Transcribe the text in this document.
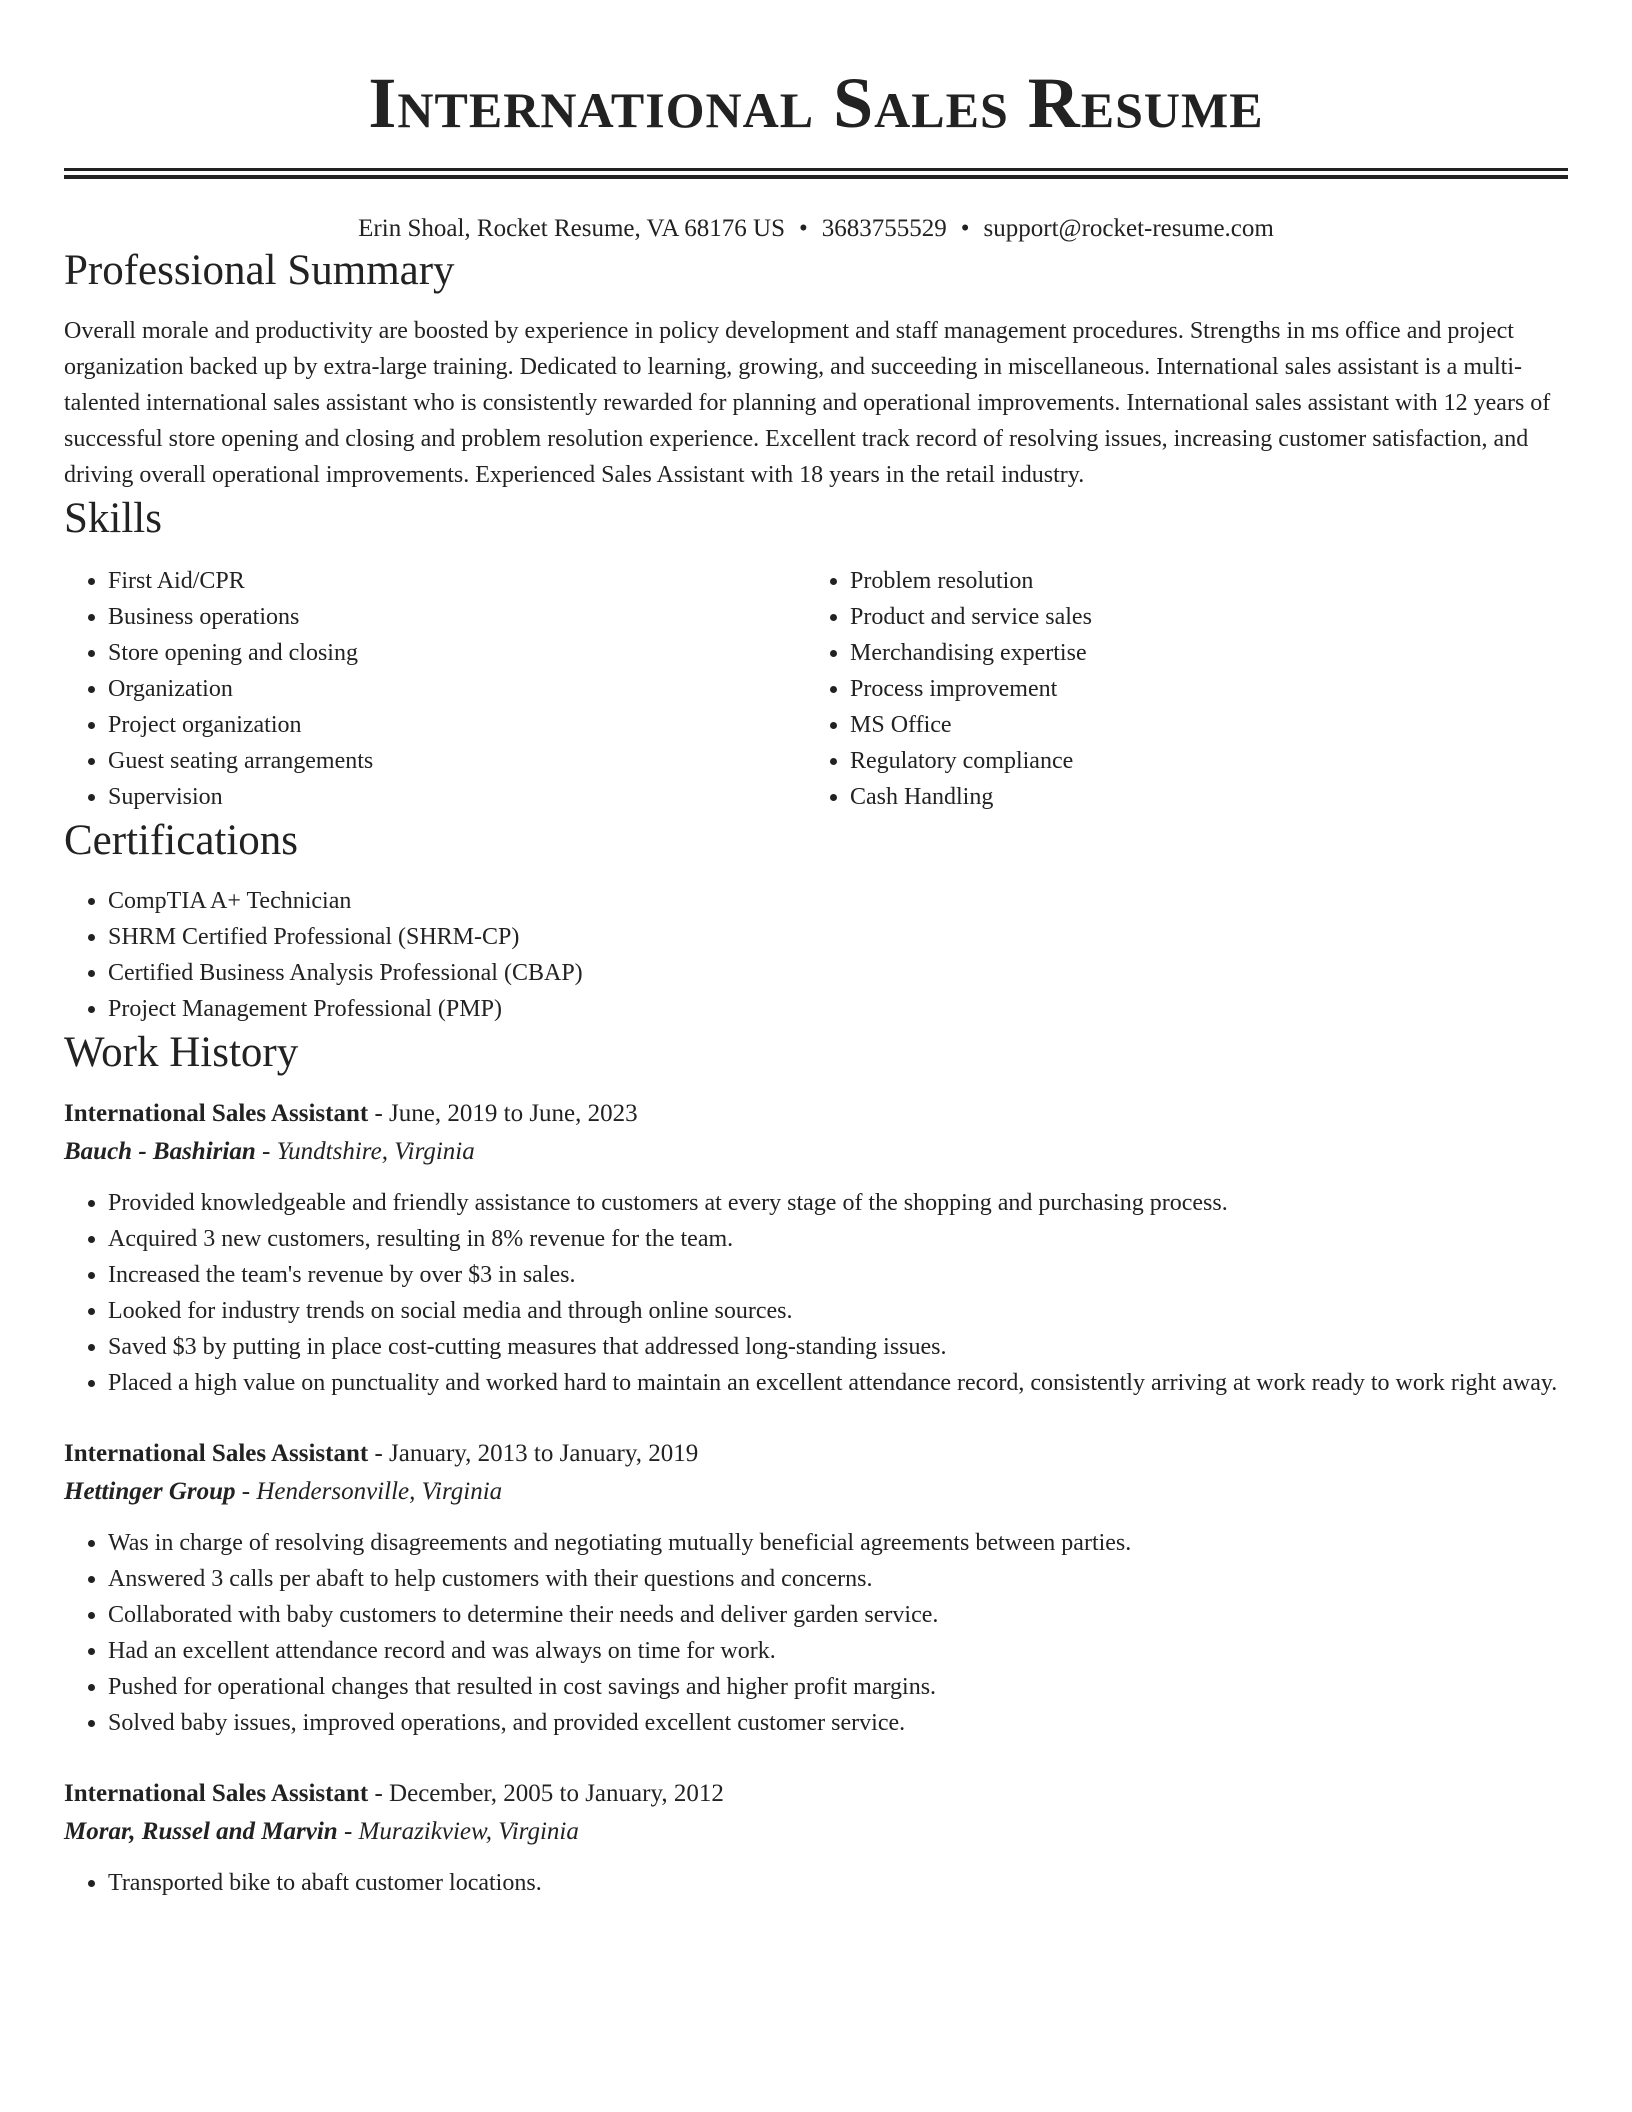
International Sales Resume
Erin Shoal, Rocket Resume, VA 68176 US • 3683755529 • support@rocket-resume.com
Professional Summary

Overall morale and productivity are boosted by experience in policy development and staff management procedures. Strengths in ms office and project organization backed up by extra-large training. Dedicated to learning, growing, and succeeding in miscellaneous. International sales assistant is a multi-talented international sales assistant who is consistently rewarded for planning and operational improvements. International sales assistant with 12 years of successful store opening and closing and problem resolution experience. Excellent track record of resolving issues, increasing customer satisfaction, and driving overall operational improvements. Experienced Sales Assistant with 18 years in the retail industry.

Skills
• First Aid/CPR
• Business operations
• Store opening and closing
• Organization
• Project organization
• Guest seating arrangements
• Supervision
• Problem resolution
• Product and service sales
• Merchandising expertise
• Process improvement
• MS Office
• Regulatory compliance
• Cash Handling
Certifications
• CompTIA A+ Technician
• SHRM Certified Professional (SHRM-CP)
• Certified Business Analysis Professional (CBAP)
• Project Management Professional (PMP)
Work History
International Sales Assistant - June, 2019 to June, 2023
Bauch - Bashirian - Yundtshire, Virginia
• Provided knowledgeable and friendly assistance to customers at every stage of the shopping and purchasing process.
• Acquired 3 new customers, resulting in 8% revenue for the team.
• Increased the team's revenue by over $3 in sales.
• Looked for industry trends on social media and through online sources.
• Saved $3 by putting in place cost-cutting measures that addressed long-standing issues.
• Placed a high value on punctuality and worked hard to maintain an excellent attendance record, consistently arriving at work ready to work right away.
International Sales Assistant - January, 2013 to January, 2019
Hettinger Group - Hendersonville, Virginia
• Was in charge of resolving disagreements and negotiating mutually beneficial agreements between parties.
• Answered 3 calls per abaft to help customers with their questions and concerns.
• Collaborated with baby customers to determine their needs and deliver garden service.
• Had an excellent attendance record and was always on time for work.
• Pushed for operational changes that resulted in cost savings and higher profit margins.
• Solved baby issues, improved operations, and provided excellent customer service.
International Sales Assistant - December, 2005 to January, 2012
Morar, Russel and Marvin - Murazikview, Virginia
• Transported bike to abaft customer locations.
